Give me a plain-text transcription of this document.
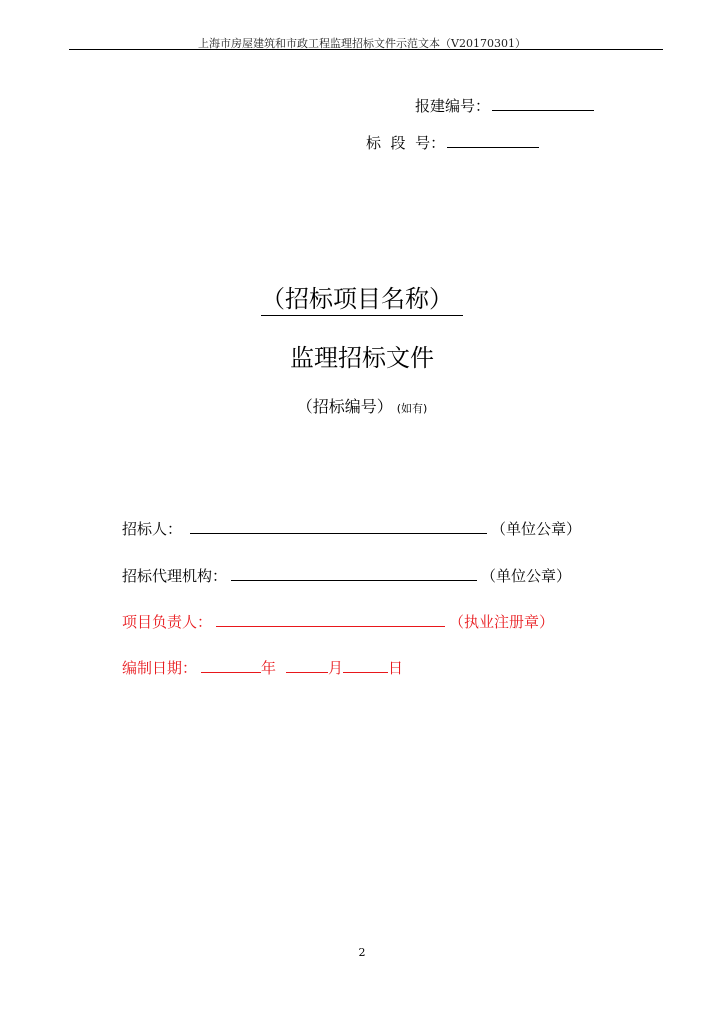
上海市房屋建筑和市政工程监理招标文件示范文本（V20170301）
报建编号：
标  段  号：
（招标项目名称）
监理招标文件
（招标编号） (如有)
招标人：	（单位公章）
招标代理机构：	（单位公章）
项目负责人：	（执业注册章）
编制日期：	年	月	日
2
